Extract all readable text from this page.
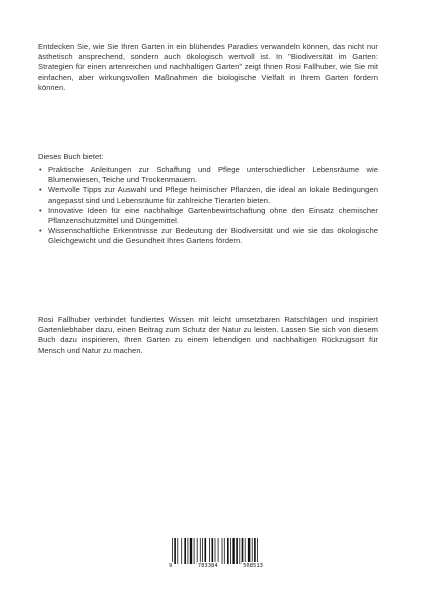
Entdecken Sie, wie Sie Ihren Garten in ein blühendes Paradies verwandeln können, das nicht nur ästhetisch ansprechend, sondern auch ökologisch wertvoll ist. In "Biodiversität im Garten: Strategien für einen artenreichen und nachhaltigen Garten" zeigt Ihnen Rosi Fallhuber, wie Sie mit einfachen, aber wirkungsvollen Maßnahmen die biologische Vielfalt in Ihrem Garten fördern können.
Dieses Buch bietet:
• Praktische Anleitungen zur Schaffung und Pflege unterschiedlicher Lebensräume wie Blumenwiesen, Teiche und Trockenmauern.
• Wertvolle Tipps zur Auswahl und Pflege heimischer Pflanzen, die ideal an lokale Bedingungen angepasst sind und Lebensräume für zahlreiche Tierarten bieten.
• Innovative Ideen für eine nachhaltige Gartenbewirtschaftung ohne den Einsatz chemischer Pflanzenschutzmittel und Düngemittel.
• Wissenschaftliche Erkenntnisse zur Bedeutung der Biodiversität und wie sie das ökologische Gleichgewicht und die Gesundheit Ihres Gartens fördern.
Rosi Fallhuber verbindet fundiertes Wissen mit leicht umsetzbaren Ratschlägen und inspiriert Gartenliebhaber dazu, einen Beitrag zum Schutz der Natur zu leisten. Lassen Sie sich von diesem Buch dazu inspirieren, Ihren Garten zu einem lebendigen und nachhaltigen Rückzugsort für Mensch und Natur zu machen.
9	783384	508513
